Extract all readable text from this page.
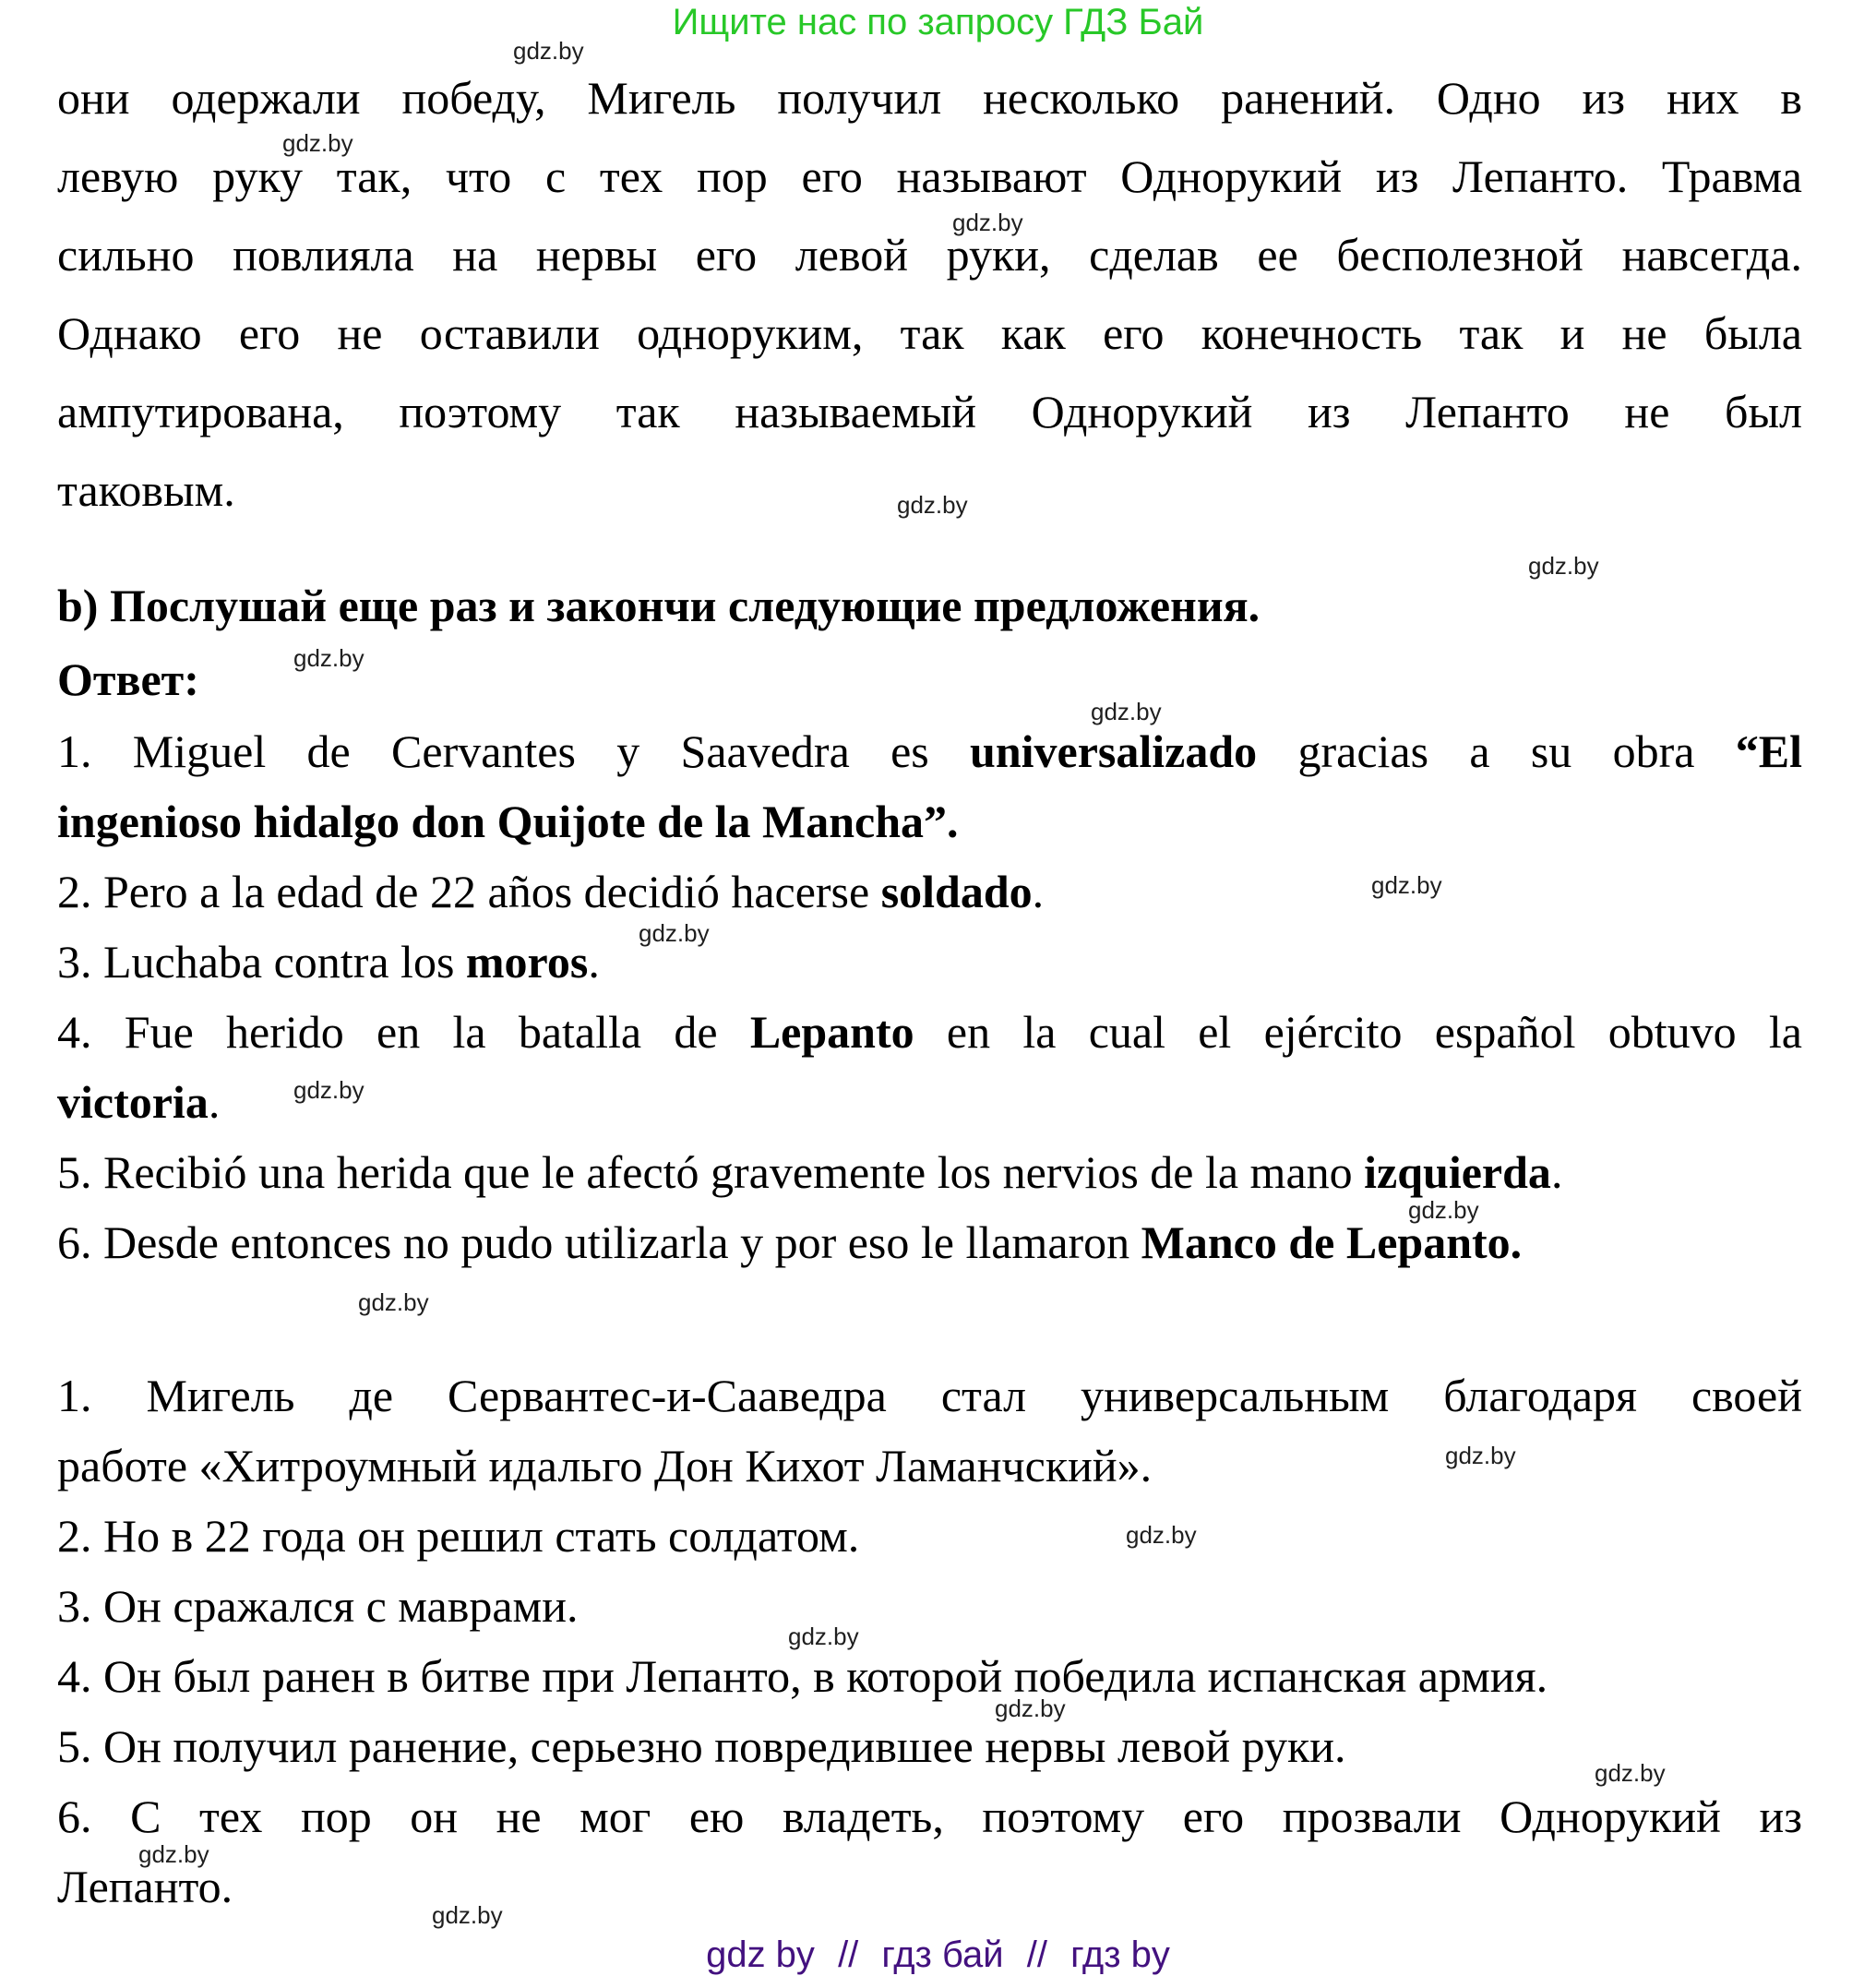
Ищите нас по запросу ГДЗ Бай
они одержали победу, Мигель получил несколько ранений. Одно из них в
левую руку так, что с тех пор его называют Однорукий из Лепанто. Травма
сильно повлияла на нервы его левой руки, сделав ее бесполезной навсегда.
Однако его не оставили одноруким, так как его конечность так и не была
ампутирована, поэтому так называемый Однорукий из Лепанто не был
таковым.
b) Послушай еще раз и закончи следующие предложения.
Ответ:
1. Miguel de Cervantes y Saavedra es universalizado gracias a su obra “El
ingenioso hidalgo don Quijote de la Mancha”.
2. Pero a la edad de 22 años decidió hacerse soldado.
3. Luchaba contra los moros.
4. Fue herido en la batalla de Lepanto en la cual el ejército español obtuvo la
victoria.
5. Recibió una herida que le afectó gravemente los nervios de la mano izquierda.
6. Desde entonces no pudo utilizarla y por eso le llamaron Manco de Lepanto.
1. Мигель де Сервантес-и-Сааведра стал универсальным благодаря своей
работе «Хитроумный идальго Дон Кихот Ламанчский».
2. Но в 22 года он решил стать солдатом.
3. Он сражался с маврами.
4. Он был ранен в битве при Лепанто, в которой победила испанская армия.
5. Он получил ранение, серьезно повредившее нервы левой руки.
6. С тех пор он не мог ею владеть, поэтому его прозвали Однорукий из
Лепанто.
gdz.by
gdz.by
gdz.by
gdz.by
gdz.by
gdz.by
gdz.by
gdz.by
gdz.by
gdz.by
gdz.by
gdz.by
gdz.by
gdz.by
gdz.by
gdz.by
gdz.by
gdz.by
gdz.by
gdz by // гдз бай // гдз by
